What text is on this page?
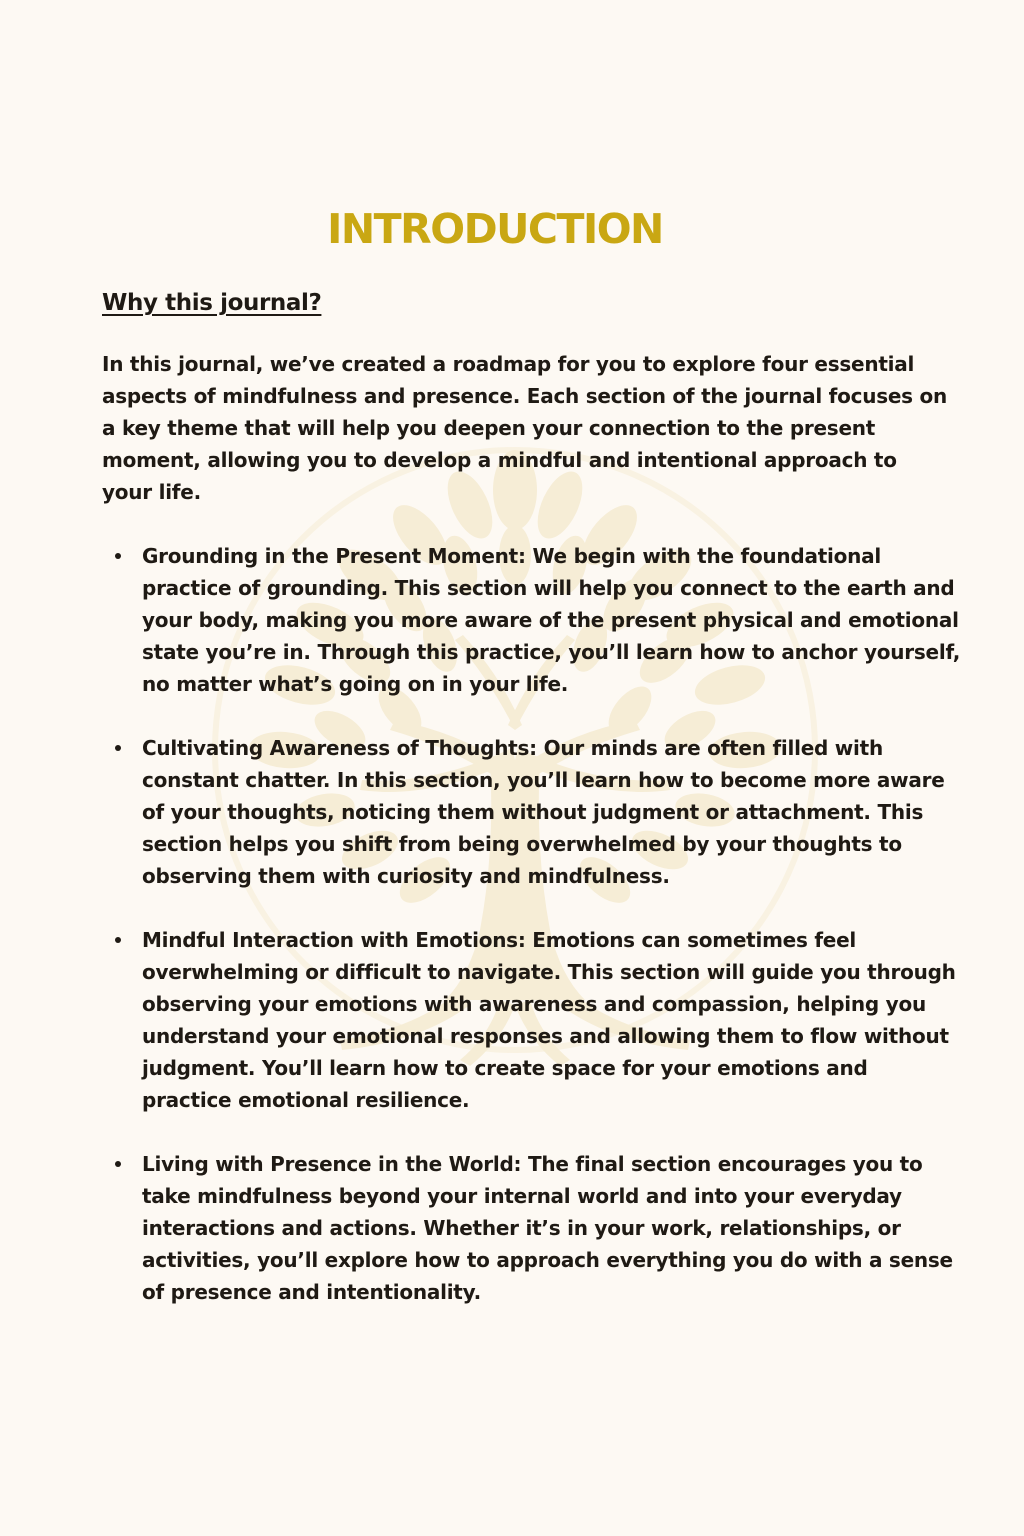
INTRODUCTION
Why this journal?

In this journal, we’ve created a roadmap for you to explore four essential aspects of mindfulness and presence. Each section of the journal focuses on a key theme that will help you deepen your connection to the present moment, allowing you to develop a mindful and intentional approach to your life.

Grounding in the Present Moment: We begin with the foundational practice of grounding. This section will help you connect to the earth and your body, making you more aware of the present physical and emotional state you’re in. Through this practice, you’ll learn how to anchor yourself, no matter what’s going on in your life.
Cultivating Awareness of Thoughts: Our minds are often filled with constant chatter. In this section, you’ll learn how to become more aware of your thoughts, noticing them without judgment or attachment. This section helps you shift from being overwhelmed by your thoughts to observing them with curiosity and mindfulness.
Mindful Interaction with Emotions: Emotions can sometimes feel overwhelming or difficult to navigate. This section will guide you through observing your emotions with awareness and compassion, helping you understand your emotional responses and allowing them to flow without judgment. You’ll learn how to create space for your emotions and practice emotional resilience.
Living with Presence in the World: The final section encourages you to take mindfulness beyond your internal world and into your everyday interactions and actions. Whether it’s in your work, relationships, or activities, you’ll explore how to approach everything you do with a sense of presence and intentionality.
